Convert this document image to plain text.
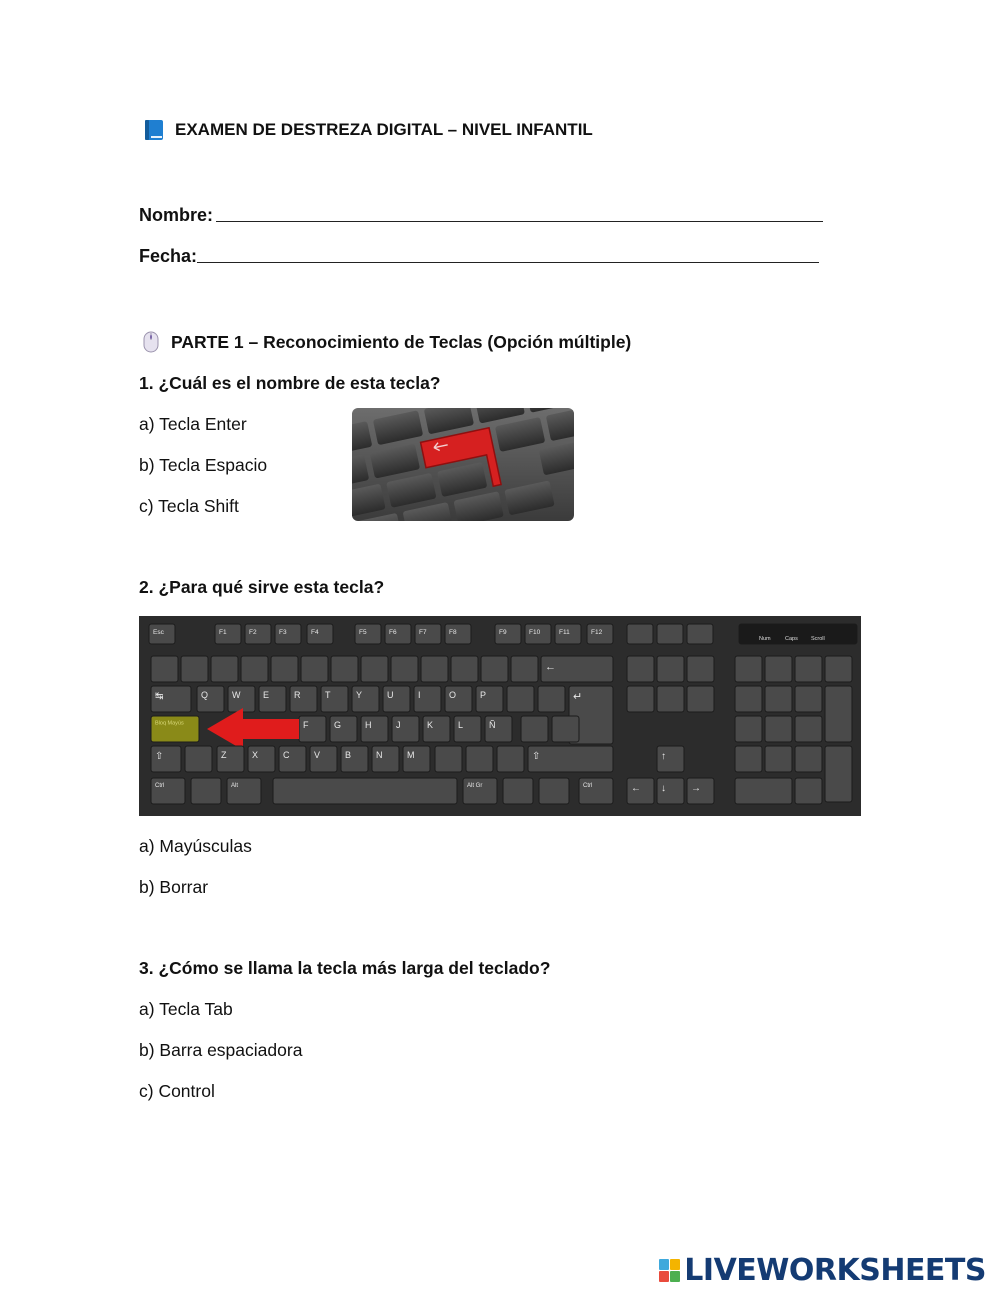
EXAMEN DE DESTREZA DIGITAL – NIVEL INFANTIL
Nombre:
Fecha:
PARTE 1 – Reconocimiento de Teclas (Opción múltiple)
1. ¿Cuál es el nombre de esta tecla?
a) Tecla Enter
b) Tecla Espacio
c) Tecla Shift
2. ¿Para qué sirve esta tecla?
Esc	F1	F2	F3	F4	F5	F6	F7	F8	F9	F10	F11	F12
Num	Caps Scroll
←
↹	Q	W	E	R	T	Y	U	I	O	P	↵
Bloq Mayús	F	G	H	J	K	L	Ñ
⇧	Z	X	C	V	B	N	M	⇧
Ctrl	Alt	Alt Gr	Ctrl
↑
← ↓	→
a) Mayúsculas
b) Borrar
3. ¿Cómo se llama la tecla más larga del teclado?
a) Tecla Tab
b) Barra espaciadora
c) Control
LIVEWORKSHEETS
